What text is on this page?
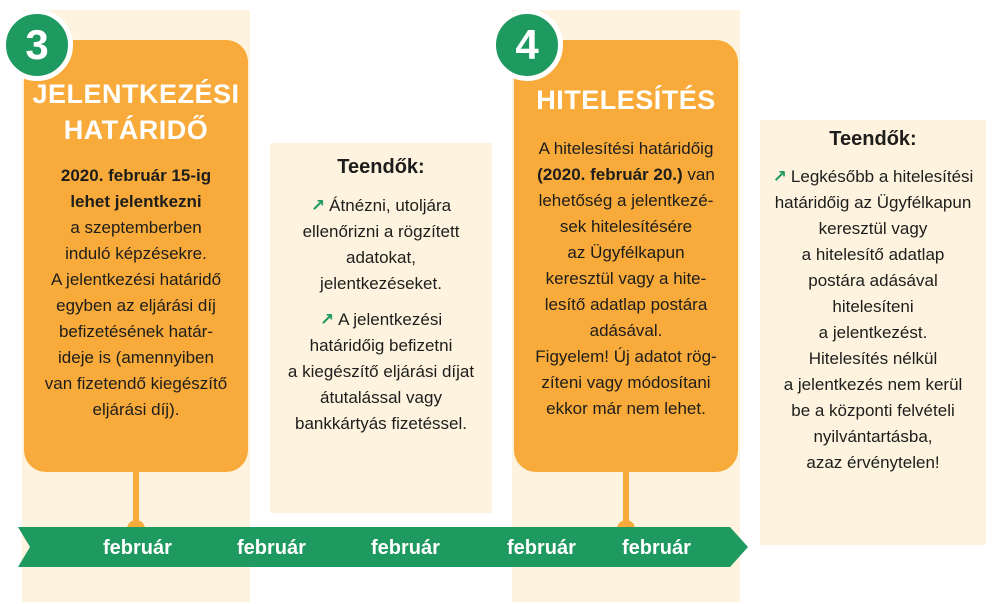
3
JELENTKEZÉSI
HATÁRIDŐ
2020. február 15-ig
lehet jelentkezni
a szeptemberben
induló képzésekre.
A jelentkezési határidő
egyben az eljárási díj
befizetésének határ-
ideje is (amennyiben
van fizetendő kiegészítő
eljárási díj).
Teendők:
↗ Átnézni, utoljára
ellenőrizni a rögzített
adatokat,
jelentkezéseket.
↗ A jelentkezési
határidőig befizetni
a kiegészítő eljárási díjat
átutalással vagy
bankkártyás fizetéssel.
4
HITELESÍTÉS
A hitelesítési határidőig
(2020. február 20.) van
lehetőség a jelentkezé-
sek hitelesítésére
az Ügyfélkapun
keresztül vagy a hite-
lesítő adatlap postára
adásával.
Figyelem! Új adatot rög-
zíteni vagy módosítani
ekkor már nem lehet.
Teendők:
↗ Legkésőbb a hitelesítési
határidőig az Ügyfélkapun
keresztül vagy
a hitelesítő adatlap
postára adásával
hitelesíteni
a jelentkezést.
Hitelesítés nélkül
a jelentkezés nem kerül
be a központi felvételi
nyilvántartásba,
azaz érvénytelen!
február	február	február	február február
